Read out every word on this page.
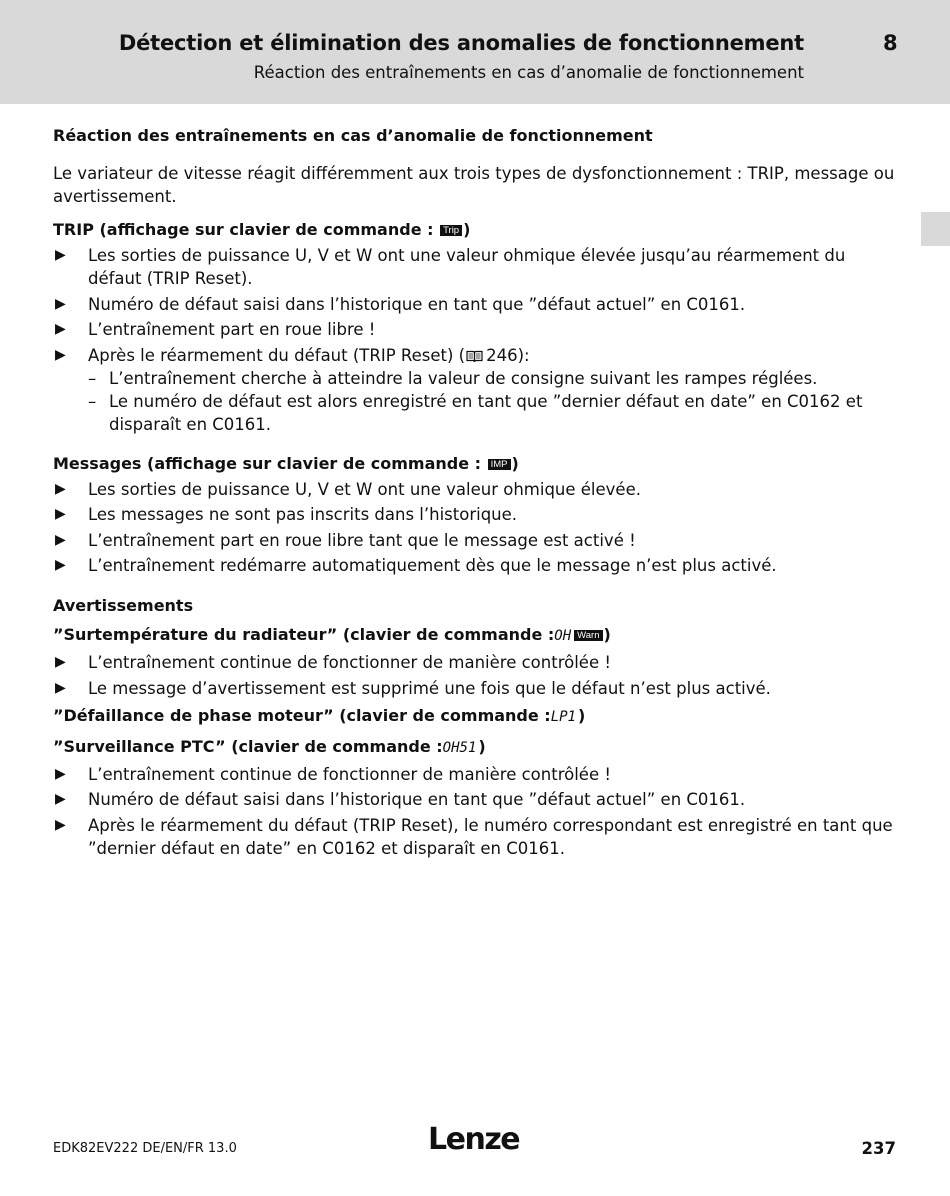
Détection et élimination des anomalies de fonctionnement
Réaction des entraînements en cas d’anomalie de fonctionnement
8

Réaction des entraînements en cas d’anomalie de fonctionnement

Le variateur de vitesse réagit différemment aux trois types de dysfonctionnement : TRIP, message ou avertissement.

TRIP (affichage sur clavier de commande : Trip )

▶ Les sorties de puissance U, V et W ont une valeur ohmique élevée jusqu’au réarmement du défaut (TRIP Reset).
▶ Numéro de défaut saisi dans l’historique en tant que ”défaut actuel” en C0161.
▶ L’entraînement part en roue libre !
▶ Après le réarmement du défaut (TRIP Reset) ( 246):
– L’entraînement cherche à atteindre la valeur de consigne suivant les rampes réglées.
– Le numéro de défaut est alors enregistré en tant que ”dernier défaut en date” en C0162 et disparaît en C0161.

Messages (affichage sur clavier de commande : IMP )

▶ Les sorties de puissance U, V et W ont une valeur ohmique élevée.
▶ Les messages ne sont pas inscrits dans l’historique.
▶ L’entraînement part en roue libre tant que le message est activé !
▶ L’entraînement redémarre automatiquement dès que le message n’est plus activé.

Avertissements

”Surtempérature du radiateur” (clavier de commande :OH Warn )

▶ L’entraînement continue de fonctionner de manière contrôlée !
▶ Le message d’avertissement est supprimé une fois que le défaut n’est plus activé.

”Défaillance de phase moteur” (clavier de commande :LP1 )

”Surveillance PTC” (clavier de commande :OH51 )

▶ L’entraînement continue de fonctionner de manière contrôlée !
▶ Numéro de défaut saisi dans l’historique en tant que ”défaut actuel” en C0161.
▶ Après le réarmement du défaut (TRIP Reset), le numéro correspondant est enregistré en tant que ”dernier défaut en date” en C0162 et disparaît en C0161.
EDK82EV222 DE/EN/FR 13.0	Lenze	237
